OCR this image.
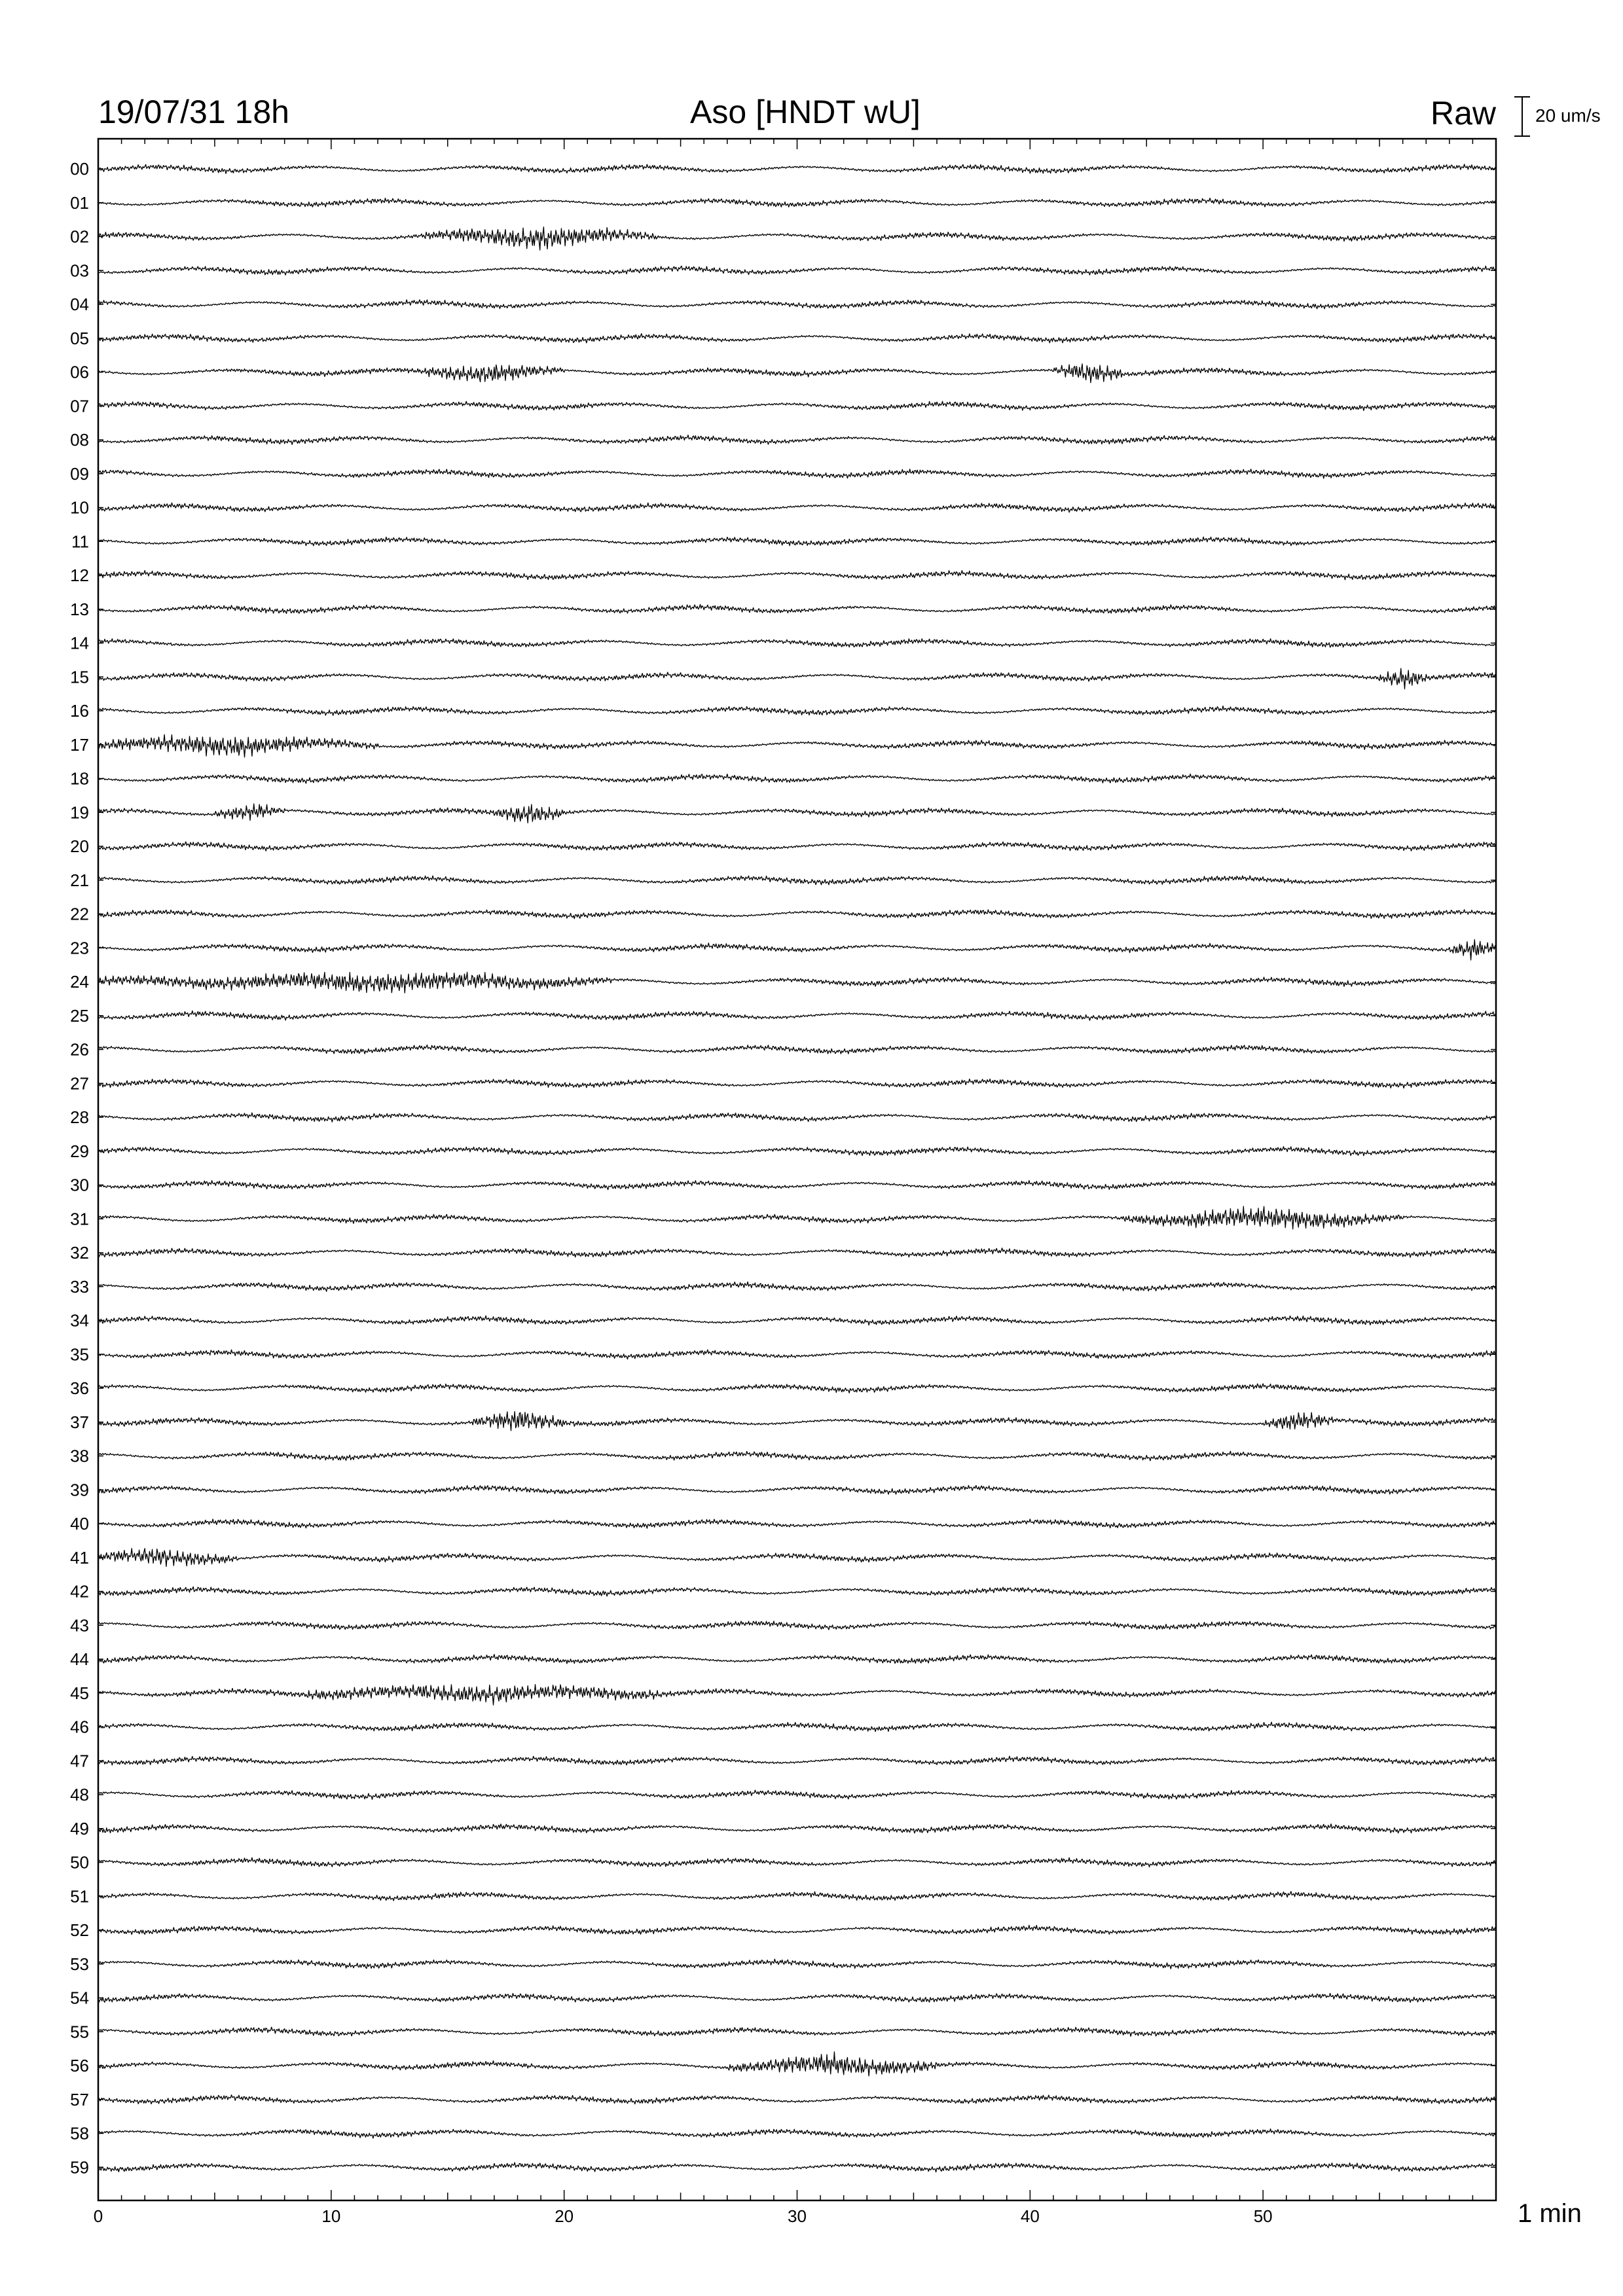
19/07/31 18h	Aso [HNDT wU]	Raw 20 um/s
00
01
02
03
04
05
06
07
08
09
10
11
12
13
14
15
16
17
18
19
20
21
22
23
24
25
26
27
28
29
30
31
32
33
34
35
36
37
38
39
40
41
42
43
44
45
46
47
48
49
50
51
52
53
54
55
56
57
58
59
0	10	20	30	40	50	1 min
